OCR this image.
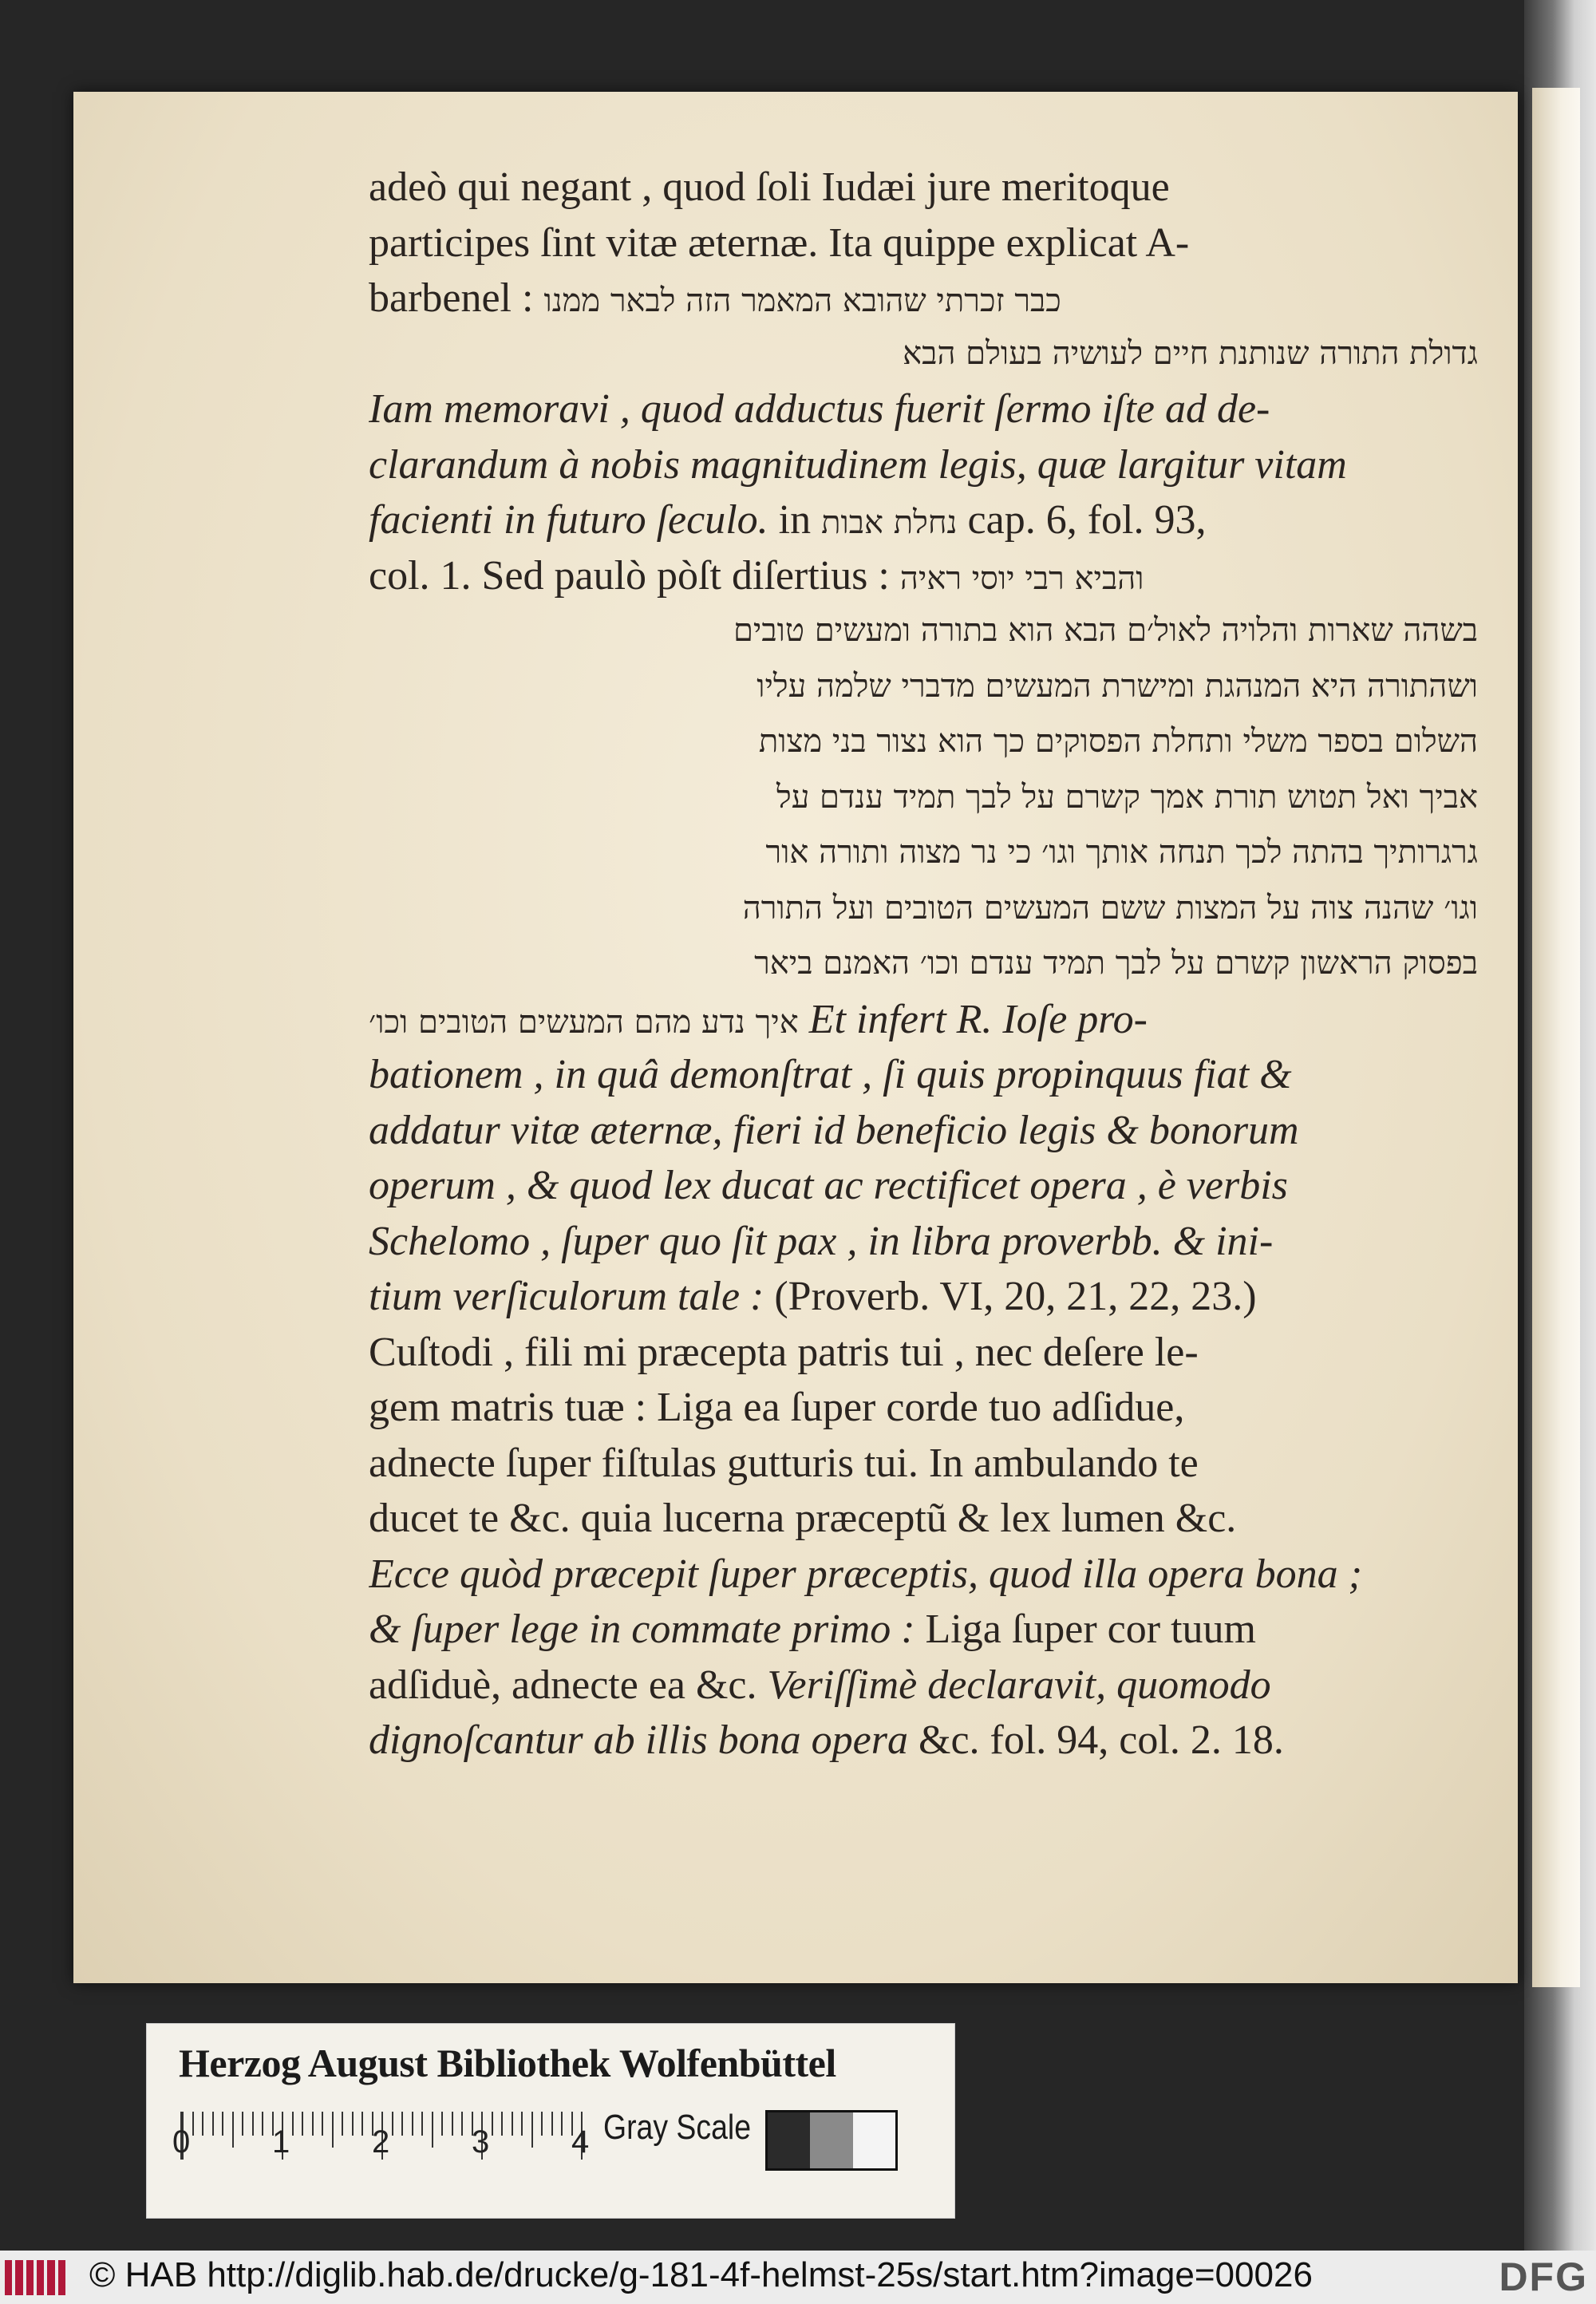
adeò qui negant , quod ſoli Iudæi jure meritoque
participes ſint vitæ æternæ. Ita quippe explicat A-
barbenel : כבר זכרתי שהובא המאמר הזה לבאר ממנו
גדולת התורה שנותנת חיים לעושיה בעולם הבא
Iam memoravi , quod adductus fuerit ſermo iſte ad de-
clarandum à nobis magnitudinem legis, quæ largitur vitam
facienti in futuro ſeculo. in נחלת אבות cap. 6, fol. 93,
col. 1. Sed paulò pòſt diſertius : והביא רבי יוסי ראיה
בשהה שארות והלויה לאול׳ם הבא הוא בתורה ומעשים טובים
ושהתורה היא המנהגת ומישרת המעשים מדברי שלמה עליו
השלום בספר משלי ותחלת הפסוקים כך הוא נצור בני מצות
אביך ואל תטוש תורת אמך קשרם על לבך תמיד ענדם על
גרגרותיך בהתה לכך תנחה אותך וגו׳ כי נר מצוה ותורה אור
וגו׳ שהנה צוה על המצות ששם המעשים הטובים ועל התורה
בפסוק הראשון קשרם על לבך תמיד ענדם וכו׳ האמנם ביאר
איך נדע מהם המעשים הטובים וכו׳ Et infert R. Ioſe pro-
bationem , in quâ demonſtrat , ſi quis propinquus fiat &
addatur vitæ æternæ, fieri id beneficio legis & bonorum
operum , & quod lex ducat ac rectificet opera , è verbis
Schelomo , ſuper quo ſit pax , in libra proverbb. & ini-
tium verſiculorum tale : (Proverb. VI, 20, 21, 22, 23.)
Cuſtodi , fili mi præcepta patris tui , nec deſere le-
gem matris tuæ : Liga ea ſuper corde tuo adſidue,
adnecte ſuper fiſtulas gutturis tui. In ambulando te
ducet te &c. quia lucerna præceptũ & lex lumen &c.
Ecce quòd præcepit ſuper præceptis, quod illa opera bona ;
& ſuper lege in commate primo : Liga ſuper cor tuum
adſiduè, adnecte ea &c. Veriſſimè declaravit, quomodo
dignoſcantur ab illis bona opera &c. fol. 94, col. 2. 18.
Herzog August Bibliothek Wolfenbüttel
0	1	2	3	4 Gray Scale
© HAB http://diglib.hab.de/drucke/g-181-4f-helmst-25s/start.htm?image=00026	DFG
